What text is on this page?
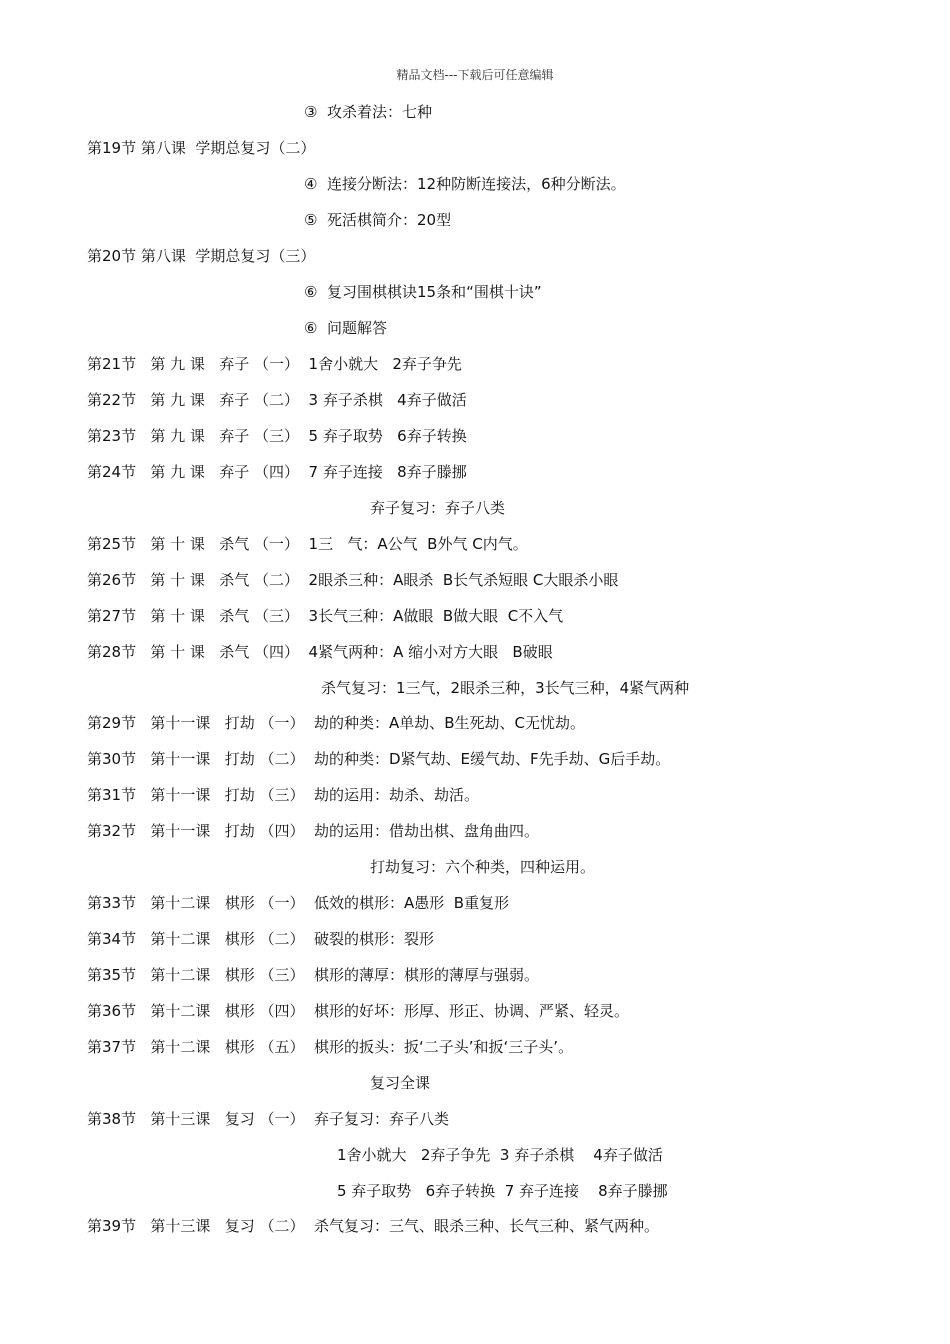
精品文档---下载后可任意编辑
③  攻杀着法：七种
第19节 第八课  学期总复习（二）
④  连接分断法：12种防断连接法，6种分断法。
⑤  死活棋简介：20型
第20节 第八课  学期总复习（三）
⑥  复习围棋棋诀15条和“围棋十诀”
⑥  问题解答
第21节   第 九 课   弃子 （一）  1舍小就大   2弃子争先
第22节   第 九 课   弃子 （二）  3 弃子杀棋   4弃子做活
第23节   第 九 课   弃子 （三）  5 弃子取势   6弃子转换
第24节   第 九 课   弃子 （四）  7 弃子连接   8弃子滕挪
弃子复习：弃子八类
第25节   第 十 课   杀气 （一）  1三   气：A公气  B外气 C内气。
第26节   第 十 课   杀气 （二）  2眼杀三种：A眼杀  B长气杀短眼 C大眼杀小眼
第27节   第 十 课   杀气 （三）  3长气三种：A做眼  B做大眼  C不入气
第28节   第 十 课   杀气 （四）  4紧气两种：A 缩小对方大眼   B破眼
杀气复习：1三气，2眼杀三种，3长气三种，4紧气两种
第29节   第十一课   打劫 （一）  劫的种类：A单劫、B生死劫、C无忧劫。
第30节   第十一课   打劫 （二）  劫的种类：D紧气劫、E缓气劫、F先手劫、G后手劫。
第31节   第十一课   打劫 （三）  劫的运用：劫杀、劫活。
第32节   第十一课   打劫 （四）  劫的运用：借劫出棋、盘角曲四。
打劫复习：六个种类，四种运用。
第33节   第十二课   棋形 （一）  低效的棋形：A愚形  B重复形
第34节   第十二课   棋形 （二）  破裂的棋形：裂形
第35节   第十二课   棋形 （三）  棋形的薄厚：棋形的薄厚与强弱。
第36节   第十二课   棋形 （四）  棋形的好坏：形厚、形正、协调、严紧、轻灵。
第37节   第十二课   棋形 （五）  棋形的扳头：扳‘二子头’和扳‘三子头’。
复习全课
第38节   第十三课   复习 （一）  弃子复习：弃子八类
1舍小就大   2弃子争先  3 弃子杀棋    4弃子做活
5 弃子取势   6弃子转换  7 弃子连接    8弃子滕挪
第39节   第十三课   复习 （二）  杀气复习：三气、眼杀三种、长气三种、紧气两种。
